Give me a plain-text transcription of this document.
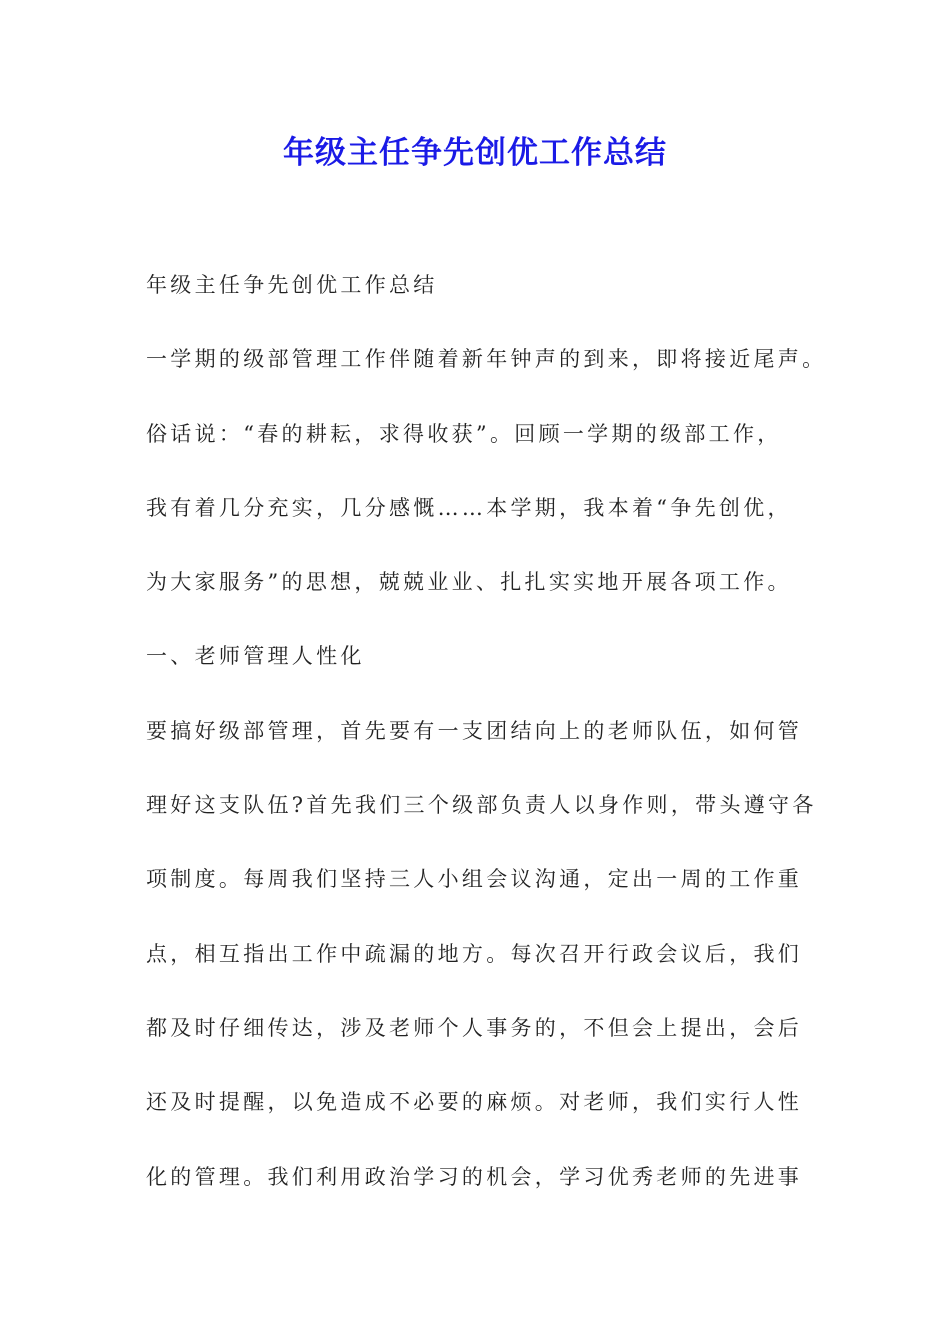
年级主任争先创优工作总结
年级主任争先创优工作总结
一学期的级部管理工作伴随着新年钟声的到来，即将接近尾声。
俗话说：“春的耕耘，求得收获”。回顾一学期的级部工作，
我有着几分充实，几分感慨……本学期，我本着“争先创优，
为大家服务”的思想，兢兢业业、扎扎实实地开展各项工作。
一、老师管理人性化
要搞好级部管理，首先要有一支团结向上的老师队伍，如何管
理好这支队伍?首先我们三个级部负责人以身作则，带头遵守各
项制度。每周我们坚持三人小组会议沟通，定出一周的工作重
点，相互指出工作中疏漏的地方。每次召开行政会议后，我们
都及时仔细传达，涉及老师个人事务的，不但会上提出，会后
还及时提醒，以免造成不必要的麻烦。对老师，我们实行人性
化的管理。我们利用政治学习的机会，学习优秀老师的先进事
